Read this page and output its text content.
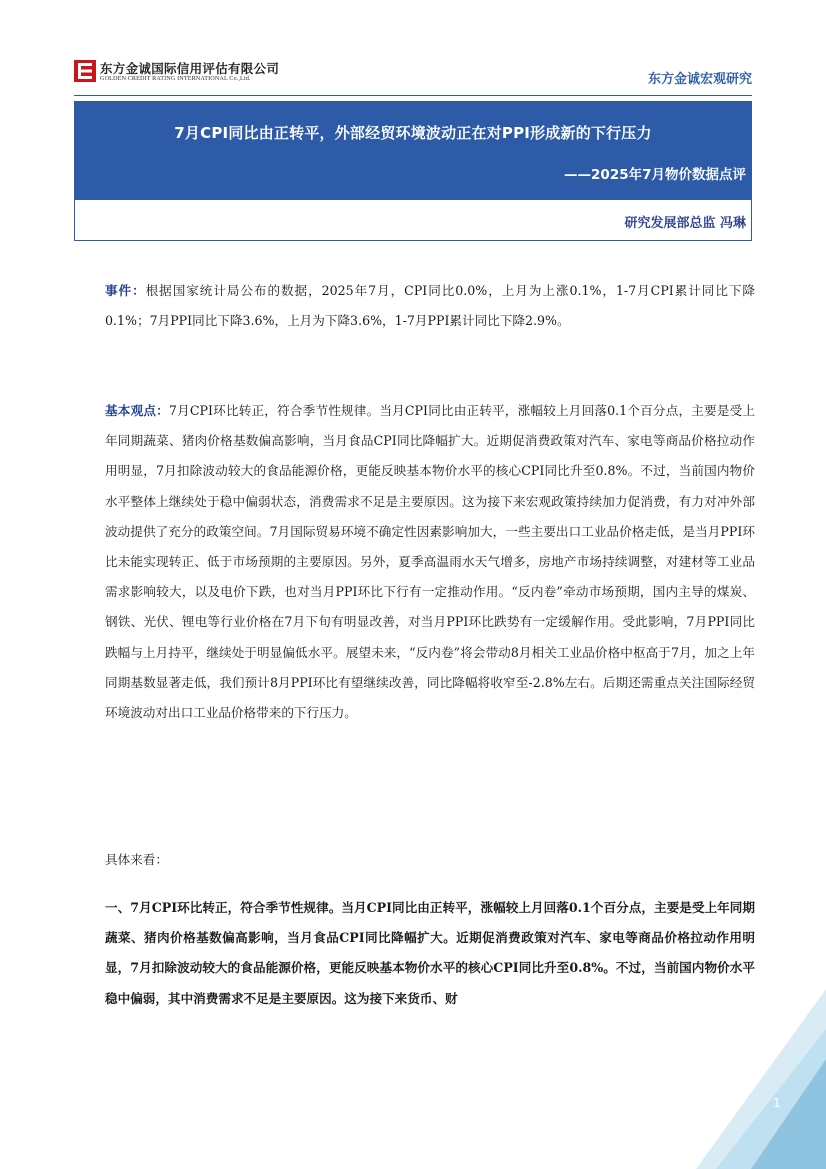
东方金诚国际信用评估有限公司
GOLDEN CREDIT RATING INTERNATIONAL Co.,Ltd.	东方金诚宏观研究
7月CPI同比由正转平，外部经贸环境波动正在对PPI形成新的下行压力
——2025年7月物价数据点评
研究发展部总监 冯琳
事件：根据国家统计局公布的数据，2025年7月，CPI同比0.0%，上月为上涨0.1%，1-7月CPI累计同比下降0.1%；7月PPI同比下降3.6%，上月为下降3.6%，1-7月PPI累计同比下降2.9%。
基本观点：7月CPI环比转正，符合季节性规律。当月CPI同比由正转平，涨幅较上月回落0.1个百分点，主要是受上年同期蔬菜、猪肉价格基数偏高影响，当月食品CPI同比降幅扩大。近期促消费政策对汽车、家电等商品价格拉动作用明显，7月扣除波动较大的食品能源价格，更能反映基本物价水平的核心CPI同比升至0.8%。不过，当前国内物价水平整体上继续处于稳中偏弱状态，消费需求不足是主要原因。这为接下来宏观政策持续加力促消费，有力对冲外部波动提供了充分的政策空间。7月国际贸易环境不确定性因素影响加大，一些主要出口工业品价格走低，是当月PPI环比未能实现转正、低于市场预期的主要原因。另外，夏季高温雨水天气增多，房地产市场持续调整，对建材等工业品需求影响较大，以及电价下跌，也对当月PPI环比下行有一定推动作用。“反内卷”牵动市场预期，国内主导的煤炭、钢铁、光伏、锂电等行业价格在7月下旬有明显改善，对当月PPI环比跌势有一定缓解作用。受此影响，7月PPI同比跌幅与上月持平，继续处于明显偏低水平。展望未来，“反内卷”将会带动8月相关工业品价格中枢高于7月，加之上年同期基数显著走低，我们预计8月PPI环比有望继续改善，同比降幅将收窄至-2.8%左右。后期还需重点关注国际经贸环境波动对出口工业品价格带来的下行压力。
具体来看：
一、7月CPI环比转正，符合季节性规律。当月CPI同比由正转平，涨幅较上月回落0.1个百分点，主要是受上年同期蔬菜、猪肉价格基数偏高影响，当月食品CPI同比降幅扩大。近期促消费政策对汽车、家电等商品价格拉动作用明显，7月扣除波动较大的食品能源价格，更能反映基本物价水平的核心CPI同比升至0.8%。不过，当前国内物价水平稳中偏弱，其中消费需求不足是主要原因。这为接下来货币、财
1
